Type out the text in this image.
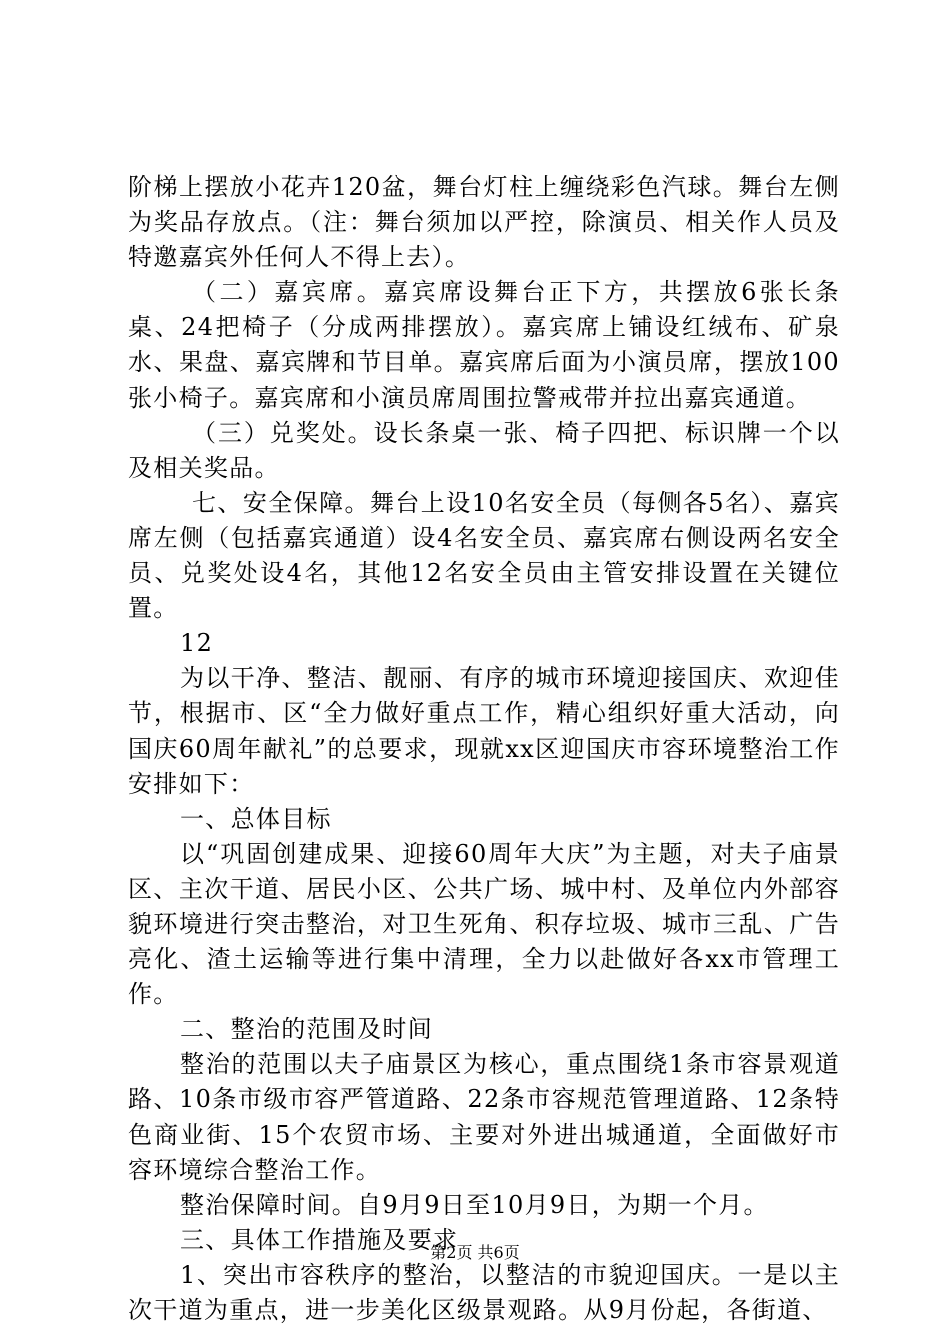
阶梯上摆放小花卉120盆，舞台灯柱上缠绕彩色汽球。舞台左侧为奖品存放点。（注：舞台须加以严控，除演员、相关作人员及特邀嘉宾外任何人不得上去）。

（二）嘉宾席。嘉宾席设舞台正下方，共摆放6张长条桌、24把椅子（分成两排摆放）。嘉宾席上铺设红绒布、矿泉水、果盘、嘉宾牌和节目单。嘉宾席后面为小演员席，摆放100张小椅子。嘉宾席和小演员席周围拉警戒带并拉出嘉宾通道。

（三）兑奖处。设长条桌一张、椅子四把、标识牌一个以及相关奖品。

七、安全保障。舞台上设10名安全员（每侧各5名）、嘉宾席左侧（包括嘉宾通道）设4名安全员、嘉宾席右侧设两名安全员、兑奖处设4名，其他12名安全员由主管安排设置在关键位置。

12

为以干净、整洁、靓丽、有序的城市环境迎接国庆、欢迎佳节，根据市、区“全力做好重点工作，精心组织好重大活动，向国庆60周年献礼”的总要求，现就xx区迎国庆市容环境整治工作安排如下：

一、总体目标

以“巩固创建成果、迎接60周年大庆”为主题，对夫子庙景区、主次干道、居民小区、公共广场、城中村、及单位内外部容貌环境进行突击整治，对卫生死角、积存垃圾、城市三乱、广告亮化、渣土运输等进行集中清理，全力以赴做好各xx市管理工作。

二、整治的范围及时间

整治的范围以夫子庙景区为核心，重点围绕1条市容景观道路、10条市级市容严管道路、22条市容规范管理道路、12条特色商业街、15个农贸市场、主要对外进出城通道，全面做好市容环境综合整治工作。

整治保障时间。自9月9日至10月9日，为期一个月。

三、具体工作措施及要求

1、突出市容秩序的整治，以整洁的市貌迎国庆。一是以主次干道为重点，进一步美化区级景观路。从9月份起，各街道、

第2页 共6页
